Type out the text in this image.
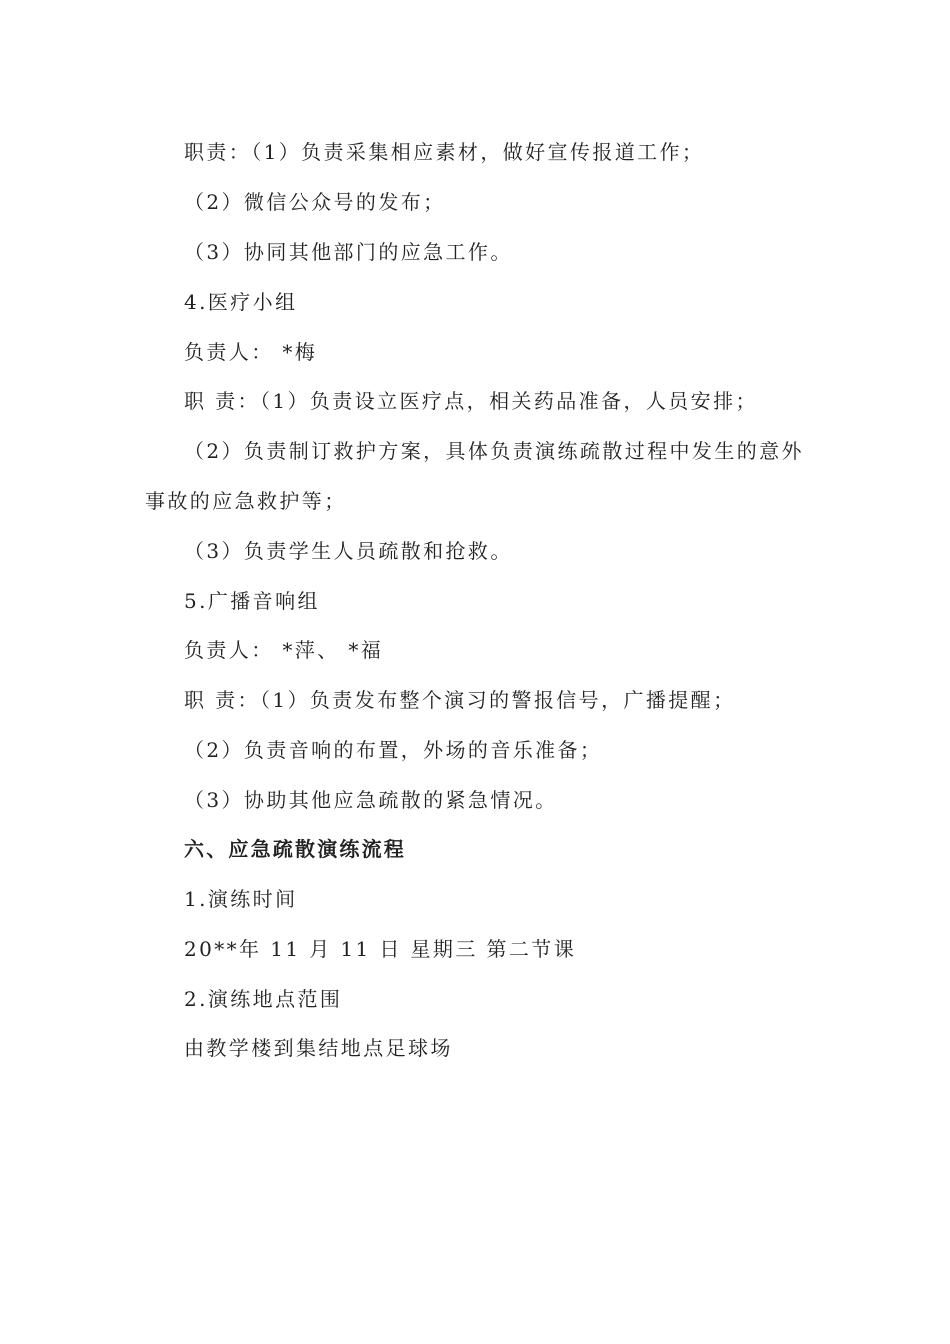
职责：（1）负责采集相应素材，做好宣传报道工作；
（2）微信公众号的发布；
（3）协同其他部门的应急工作。
4.医疗小组
负责人： *梅
职 责：（1）负责设立医疗点，相关药品准备，人员安排；
（2）负责制订救护方案，具体负责演练疏散过程中发生的意外
事故的应急救护等；
（3）负责学生人员疏散和抢救。
5.广播音响组
负责人： *萍、 *福
职 责：（1）负责发布整个演习的警报信号，广播提醒；
（2）负责音响的布置，外场的音乐准备；
（3）协助其他应急疏散的紧急情况。
六、应急疏散演练流程
1.演练时间
20**年 11 月 11 日 星期三 第二节课
2.演练地点范围
由教学楼到集结地点足球场
